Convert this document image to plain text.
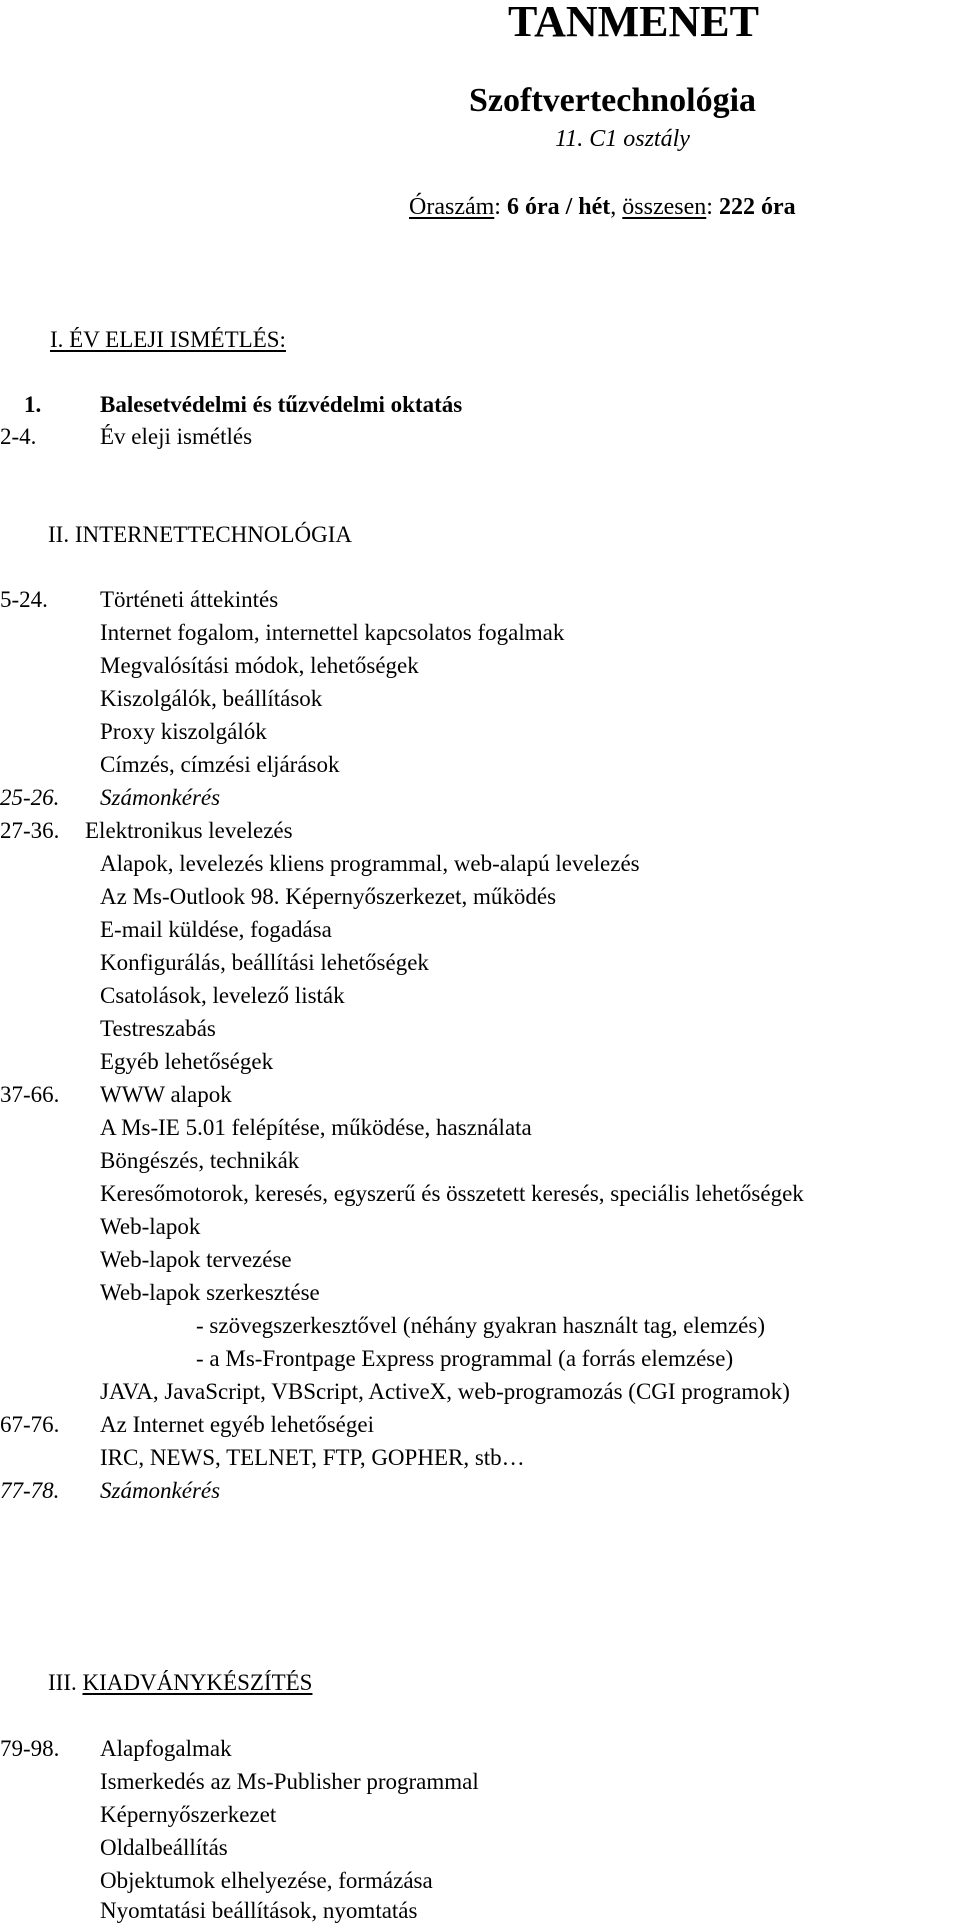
TANMENET
Szoftvertechnológia
11. C1 osztály
Óraszám: 6 óra / hét, összesen: 222 óra
I. ÉV ELEJI ISMÉTLÉS:
1.	Balesetvédelmi és tűzvédelmi oktatás
2-4.	Év eleji ismétlés
II. INTERNETTECHNOLÓGIA
5-24. Történeti áttekintés
Internet fogalom, internettel kapcsolatos fogalmak
Megvalósítási módok, lehetőségek
Kiszolgálók, beállítások
Proxy kiszolgálók
Címzés, címzési eljárások
25-26. Számonkérés
27-36. Elektronikus levelezés
Alapok, levelezés kliens programmal, web-alapú levelezés
Az Ms-Outlook 98. Képernyőszerkezet, működés
E-mail küldése, fogadása
Konfigurálás, beállítási lehetőségek
Csatolások, levelező listák
Testreszabás
Egyéb lehetőségek
37-66. WWW alapok
A Ms-IE 5.01 felépítése, működése, használata
Böngészés, technikák
Keresőmotorok, keresés, egyszerű és összetett keresés, speciális lehetőségek
Web-lapok
Web-lapok tervezése
Web-lapok szerkesztése
- szövegszerkesztővel (néhány gyakran használt tag, elemzés)
- a Ms-Frontpage Express programmal (a forrás elemzése)
JAVA, JavaScript, VBScript, ActiveX, web-programozás (CGI programok)
67-76. Az Internet egyéb lehetőségei
IRC, NEWS, TELNET, FTP, GOPHER, stb…
77-78. Számonkérés
III. KIADVÁNYKÉSZÍTÉS
79-98. Alapfogalmak
Ismerkedés az Ms-Publisher programmal
Képernyőszerkezet
Oldalbeállítás
Objektumok elhelyezése, formázása
Nyomtatási beállítások, nyomtatás
